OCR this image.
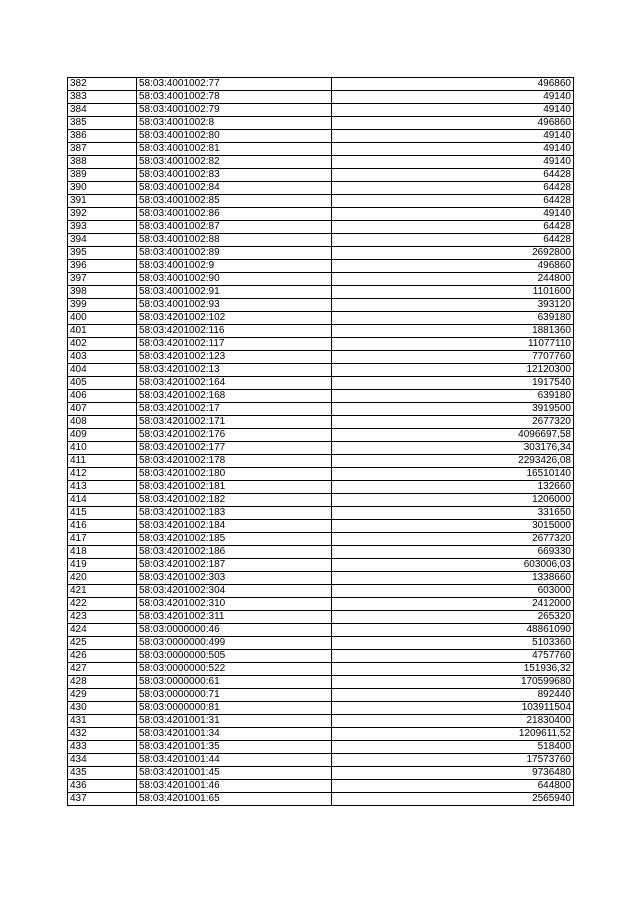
382	58:03:4001002:77	496860
383	58:03:4001002:78	49140
384	58:03:4001002:79	49140
385	58:03:4001002:8	496860
386	58:03:4001002:80	49140
387	58:03:4001002:81	49140
388	58:03:4001002:82	49140
389	58:03:4001002:83	64428
390	58:03:4001002:84	64428
391	58:03:4001002:85	64428
392	58:03:4001002:86	49140
393	58:03:4001002:87	64428
394	58:03:4001002:88	64428
395	58:03:4001002:89	2692800
396	58:03:4001002:9	496860
397	58:03:4001002:90	244800
398	58:03:4001002:91	1101600
399	58:03:4001002:93	393120
400	58:03:4201002:102	639180
401	58:03:4201002:116	1881360
402	58:03:4201002:117	11077110
403	58:03:4201002:123	7707760
404	58:03:4201002:13	12120300
405	58:03:4201002:164	1917540
406	58:03:4201002:168	639180
407	58:03:4201002:17	3919500
408	58:03:4201002:171	2677320
409	58:03:4201002:176	4096697,58
410	58:03:4201002:177	303176,34
411	58:03:4201002:178	2293426,08
412	58:03:4201002:180	16510140
413	58:03:4201002:181	132660
414	58:03:4201002:182	1206000
415	58:03:4201002:183	331650
416	58:03:4201002:184	3015000
417	58:03:4201002:185	2677320
418	58:03:4201002:186	669330
419	58:03:4201002:187	603006,03
420	58:03:4201002:303	1338660
421	58:03:4201002:304	603000
422	58:03:4201002:310	2412000
423	58:03:4201002:311	265320
424	58:03:0000000:46	48861090
425	58:03:0000000:499	5103360
426	58:03:0000000:505	4757760
427	58:03:0000000:522	151936,32
428	58:03:0000000:61	170599680
429	58:03:0000000:71	892440
430	58:03:0000000:81	103911504
431	58:03:4201001:31	21830400
432	58:03:4201001:34	1209611,52
433	58:03:4201001:35	518400
434	58:03:4201001:44	17573760
435	58:03:4201001:45	9736480
436	58:03:4201001:46	644800
437	58:03:4201001:65	2565940
